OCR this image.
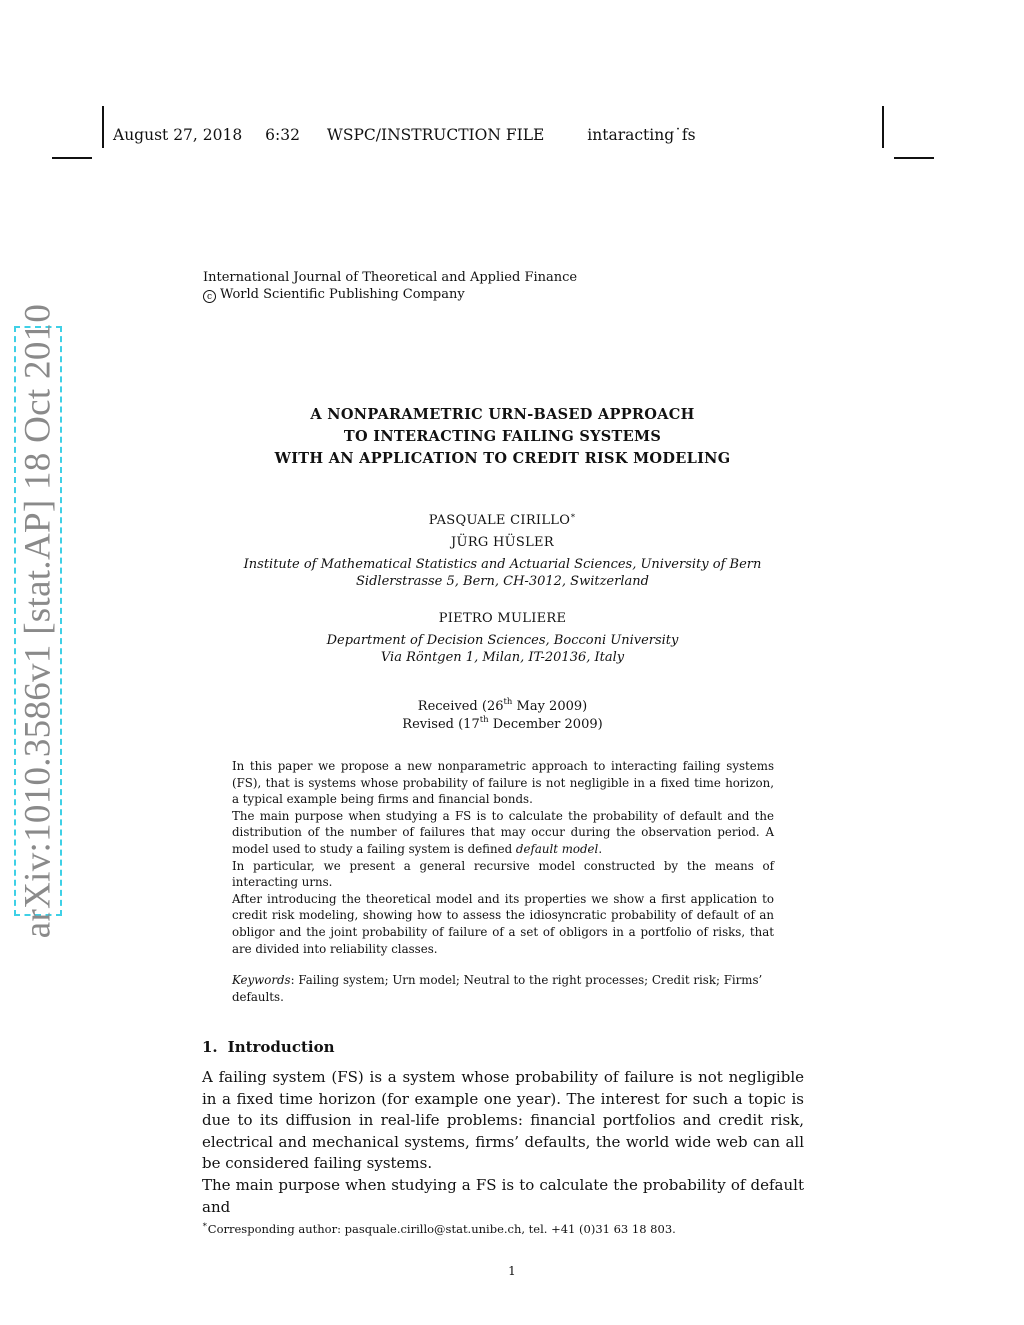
August 27, 2018 6:32 WSPC/INSTRUCTION FILE	intaracting˙fs
arXiv:1010.3586v1 [stat.AP] 18 Oct 2010
International Journal of Theoretical and Applied Finance
c World Scientific Publishing Company
A NONPARAMETRIC URN-BASED APPROACH
TO INTERACTING FAILING SYSTEMS
WITH AN APPLICATION TO CREDIT RISK MODELING
PASQUALE CIRILLO∗
JÜRG HÜSLER
Institute of Mathematical Statistics and Actuarial Sciences, University of Bern
Sidlerstrasse 5, Bern, CH-3012, Switzerland
PIETRO MULIERE
Department of Decision Sciences, Bocconi University
Via Röntgen 1, Milan, IT-20136, Italy
Received (26th May 2009)
Revised (17th December 2009)

In this paper we propose a new nonparametric approach to interacting failing systems (FS), that is systems whose probability of failure is not negligible in a fixed time horizon, a typical example being firms and financial bonds.

The main purpose when studying a FS is to calculate the probability of default and the distribution of the number of failures that may occur during the observation period. A model used to study a failing system is defined default model.

In particular, we present a general recursive model constructed by the means of interacting urns.

After introducing the theoretical model and its properties we show a first application to credit risk modeling, showing how to assess the idiosyncratic probability of default of an obligor and the joint probability of failure of a set of obligors in a portfolio of risks, that are divided into reliability classes.

Keywords: Failing system; Urn model; Neutral to the right processes; Credit risk; Firms’ defaults.
1. Introduction

A failing system (FS) is a system whose probability of failure is not negligible in a fixed time horizon (for example one year). The interest for such a topic is due to its diffusion in real-life problems: financial portfolios and credit risk, electrical and mechanical systems, firms’ defaults, the world wide web can all be considered failing systems.

The main purpose when studying a FS is to calculate the probability of default and

∗Corresponding author: pasquale.cirillo@stat.unibe.ch, tel. +41 (0)31 63 18 803.
1
